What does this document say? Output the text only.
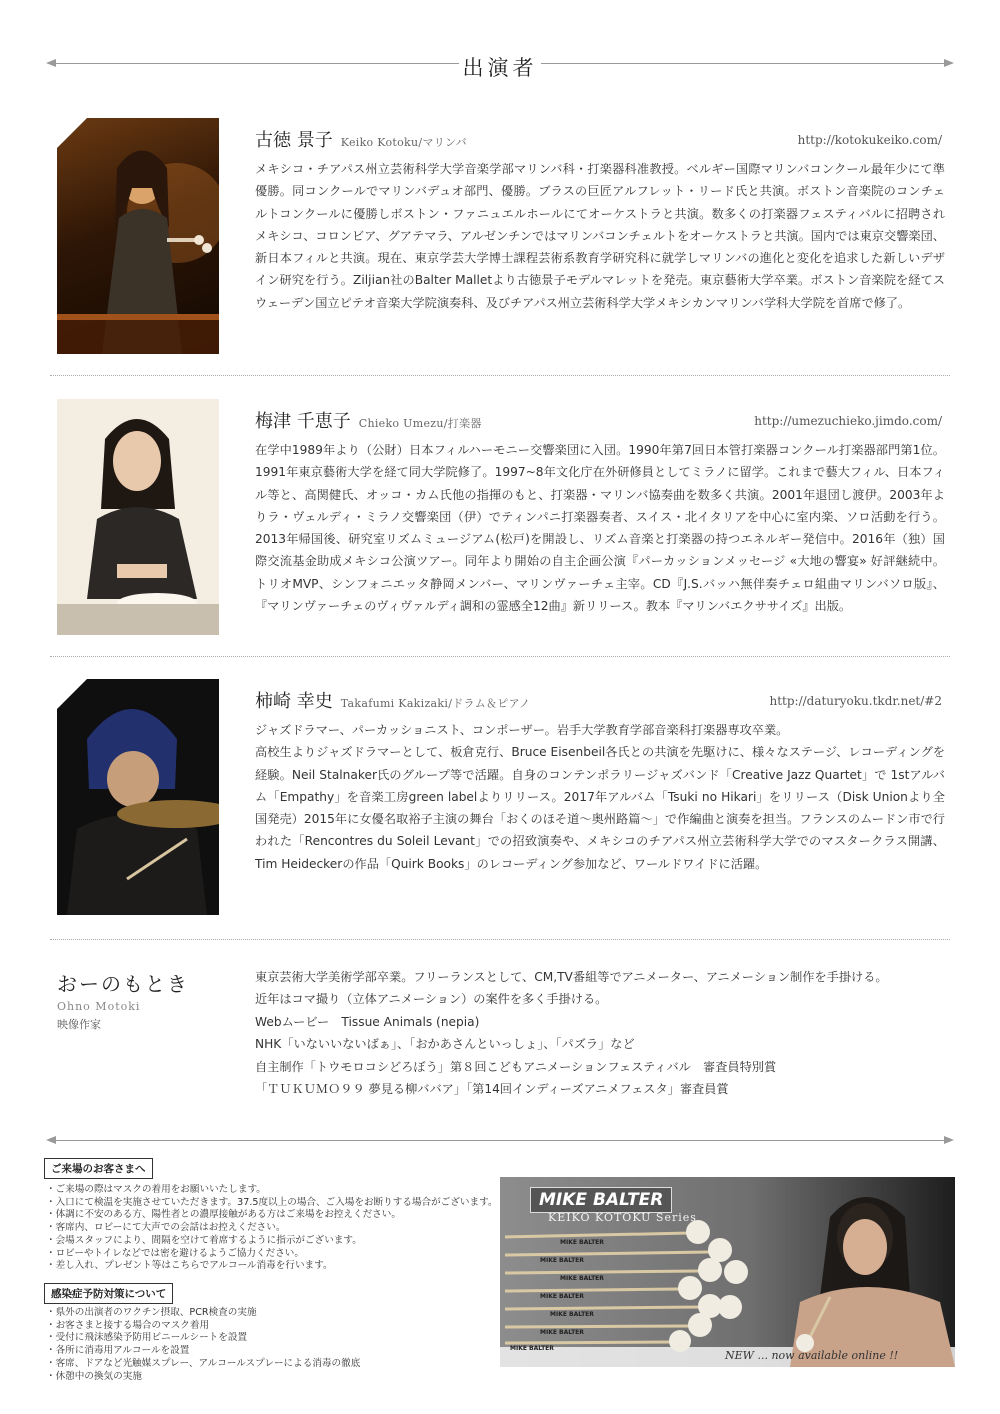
出演者
古徳 景子 Keiko Kotoku/マリンバ	http://kotokukeiko.com/

メキシコ・チアパス州立芸術科学大学音楽学部マリンバ科・打楽器科准教授。ベルギー国際マリンバコンクール最年少にて準優勝。同コンクールでマリンバデュオ部門、優勝。ブラスの巨匠アルフレット・リード氏と共演。ボストン音楽院のコンチェルトコンクールに優勝しボストン・ファニュエルホールにてオーケストラと共演。数多くの打楽器フェスティバルに招聘されメキシコ、コロンビア、グアテマラ、アルゼンチンではマリンバコンチェルトをオーケストラと共演。国内では東京交響楽団、新日本フィルと共演。現在、東京学芸大学博士課程芸術系教育学研究科に就学しマリンバの進化と変化を追求した新しいデザイン研究を行う。Ziljian社のBalter Malletより古徳景子モデルマレットを発売。東京藝術大学卒業。ボストン音楽院を経てスウェーデン国立ピテオ音楽大学院演奏科、及びチアパス州立芸術科学大学メキシカンマリンバ学科大学院を首席で修了。

梅津 千恵子 Chieko Umezu/打楽器	http://umezuchieko.jimdo.com/

在学中1989年より（公財）日本フィルハーモニー交響楽団に入団。1990年第7回日本管打楽器コンクール打楽器部門第1位。1991年東京藝術大学を経て同大学院修了。1997~8年文化庁在外研修員としてミラノに留学。これまで藝大フィル、日本フィル等と、高関健氏、オッコ・カム氏他の指揮のもと、打楽器・マリンバ協奏曲を数多く共演。2001年退団し渡伊。2003年よりラ・ヴェルディ・ミラノ交響楽団（伊）でティンパニ打楽器奏者、スイス・北イタリアを中心に室内楽、ソロ活動を行う。2013年帰国後、研究室リズムミュージアム(松戸)を開設し、リズム音楽と打楽器の持つエネルギー発信中。2016年（独）国際交流基金助成メキシコ公演ツアー。同年より開始の自主企画公演『パーカッションメッセージ «大地の響宴» 好評継続中。 トリオMVP、シンフォニエッタ静岡メンバー、マリンヴァーチェ主宰。CD『J.S.バッハ無伴奏チェロ組曲マリンバソロ版』、『マリンヴァーチェのヴィヴァルディ調和の霊感全12曲』新リリース。教本『マリンバエクササイズ』出版。

柿崎 幸史 Takafumi Kakizaki/ドラム＆ピアノ	http://daturyoku.tkdr.net/#2

ジャズドラマー、パーカッショニスト、コンポーザー。岩手大学教育学部音楽科打楽器専攻卒業。
高校生よりジャズドラマーとして、板倉克行、Bruce Eisenbeil各氏との共演を先駆けに、様々なステージ、レコーディングを経験。Neil Stalnaker氏のグループ等で活躍。自身のコンテンポラリージャズバンド「Creative Jazz Quartet」で 1stアルバム「Empathy」を音楽工房green labelよりリリース。2017年アルバム「Tsuki no Hikari」をリリース（Disk Unionより全国発売）2015年に女優名取裕子主演の舞台「おくのほそ道〜奥州路篇〜」で作編曲と演奏を担当。フランスのムードン市で行われた「Rencontres du Soleil Levant」での招致演奏や、メキシコのチアパス州立芸術科学大学でのマスタークラス開講、Tim Heideckerの作品「Quirk Books」のレコーディング参加など、ワールドワイドに活躍。

おーのもとき
Ohno Motoki
映像作家
東京芸術大学美術学部卒業。フリーランスとして、CM,TV番組等でアニメーター、アニメーション制作を手掛ける。
近年はコマ撮り（立体アニメーション）の案件を多く手掛ける。
Webムービー　Tissue Animals (nepia)
NHK「いないいないばぁ」、「おかあさんといっしょ」、「パズラ」など
自主制作「トウモロコシどろぼう」第８回こどもアニメーションフェスティバル　審査員特別賞
「ＴＵＫＵＭＯ９９ 夢見る柳ババア」「第14回インディーズアニメフェスタ」審査員賞
ご来場のお客さまへ
・ご来場の際はマスクの着用をお願いいたします。
・入口にて検温を実施させていただきます。37.5度以上の場合、ご入場をお断りする場合がございます。
・体調に不安のある方、陽性者との濃厚接触がある方はご来場をお控えください。
・客席内、ロビーにて大声での会話はお控えください。
・会場スタッフにより、間隔を空けて着席するように指示がございます。
・ロビーやトイレなどでは密を避けるようご協力ください。
・差し入れ、プレゼント等はこちらでアルコール消毒を行います。
感染症予防対策について
・県外の出演者のワクチン摂取、PCR検査の実施
・お客さまと接する場合のマスク着用
・受付に飛沫感染予防用ビニールシートを設置
・各所に消毒用アルコールを設置
・客席、ドアなど光触媒スプレー、アルコールスプレーによる消毒の徹底
・休憩中の換気の実施
MIKE BALTER
KEIKO KOTOKU Series
NEW ... now available online !!
MIKE BALTER
MIKE BALTER
MIKE BALTER
MIKE BALTER
MIKE BALTER
MIKE BALTER
MIKE BALTER
